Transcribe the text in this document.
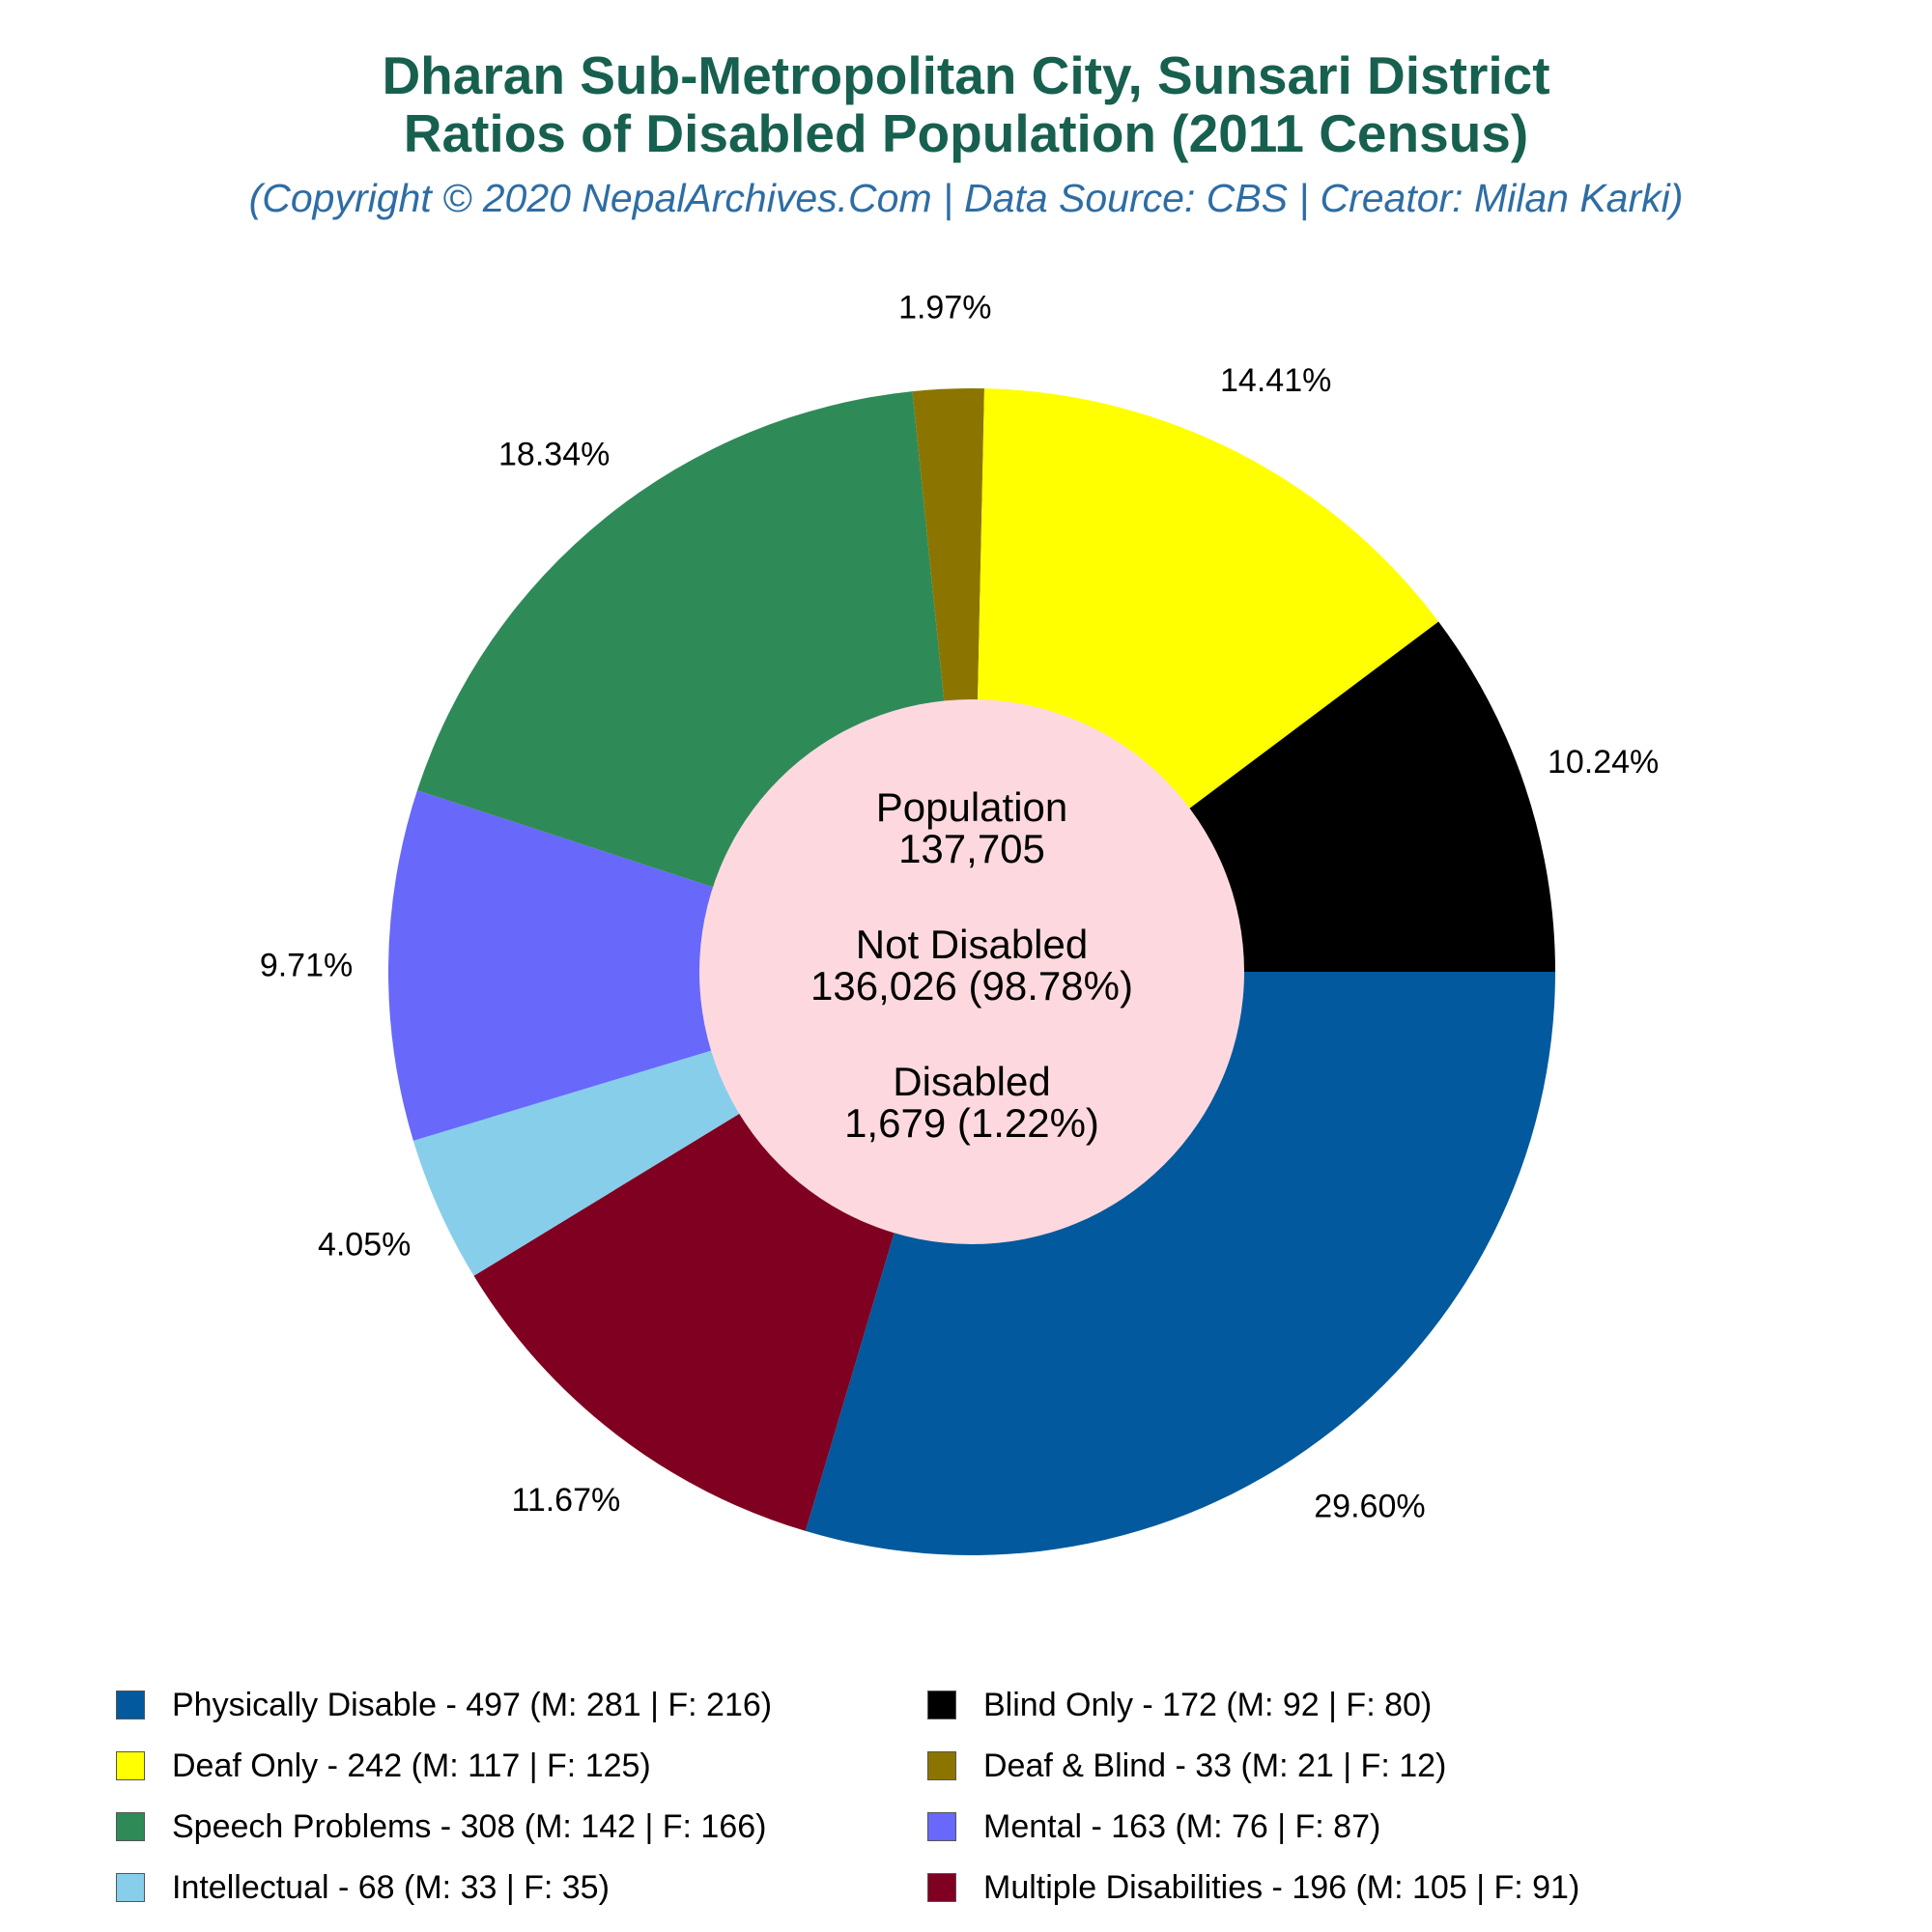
Dharan Sub-Metropolitan City, Sunsari District
Ratios of Disabled Population (2011 Census)
(Copyright © 2020 NepalArchives.Com | Data Source: CBS | Creator: Milan Karki)
29.60%
11.67%
4.05%
9.71%
18.34%
1.97%
14.41%
10.24%
Population
137,705
Not Disabled
136,026 (98.78%)
Disabled
1,679 (1.22%)
Physically Disable - 497 (M: 281 | F: 216)	Blind Only - 172 (M: 92 | F: 80)
Deaf Only - 242 (M: 117 | F: 125)	Deaf & Blind - 33 (M: 21 | F: 12)
Speech Problems - 308 (M: 142 | F: 166)	Mental - 163 (M: 76 | F: 87)
Intellectual - 68 (M: 33 | F: 35)	Multiple Disabilities - 196 (M: 105 | F: 91)
